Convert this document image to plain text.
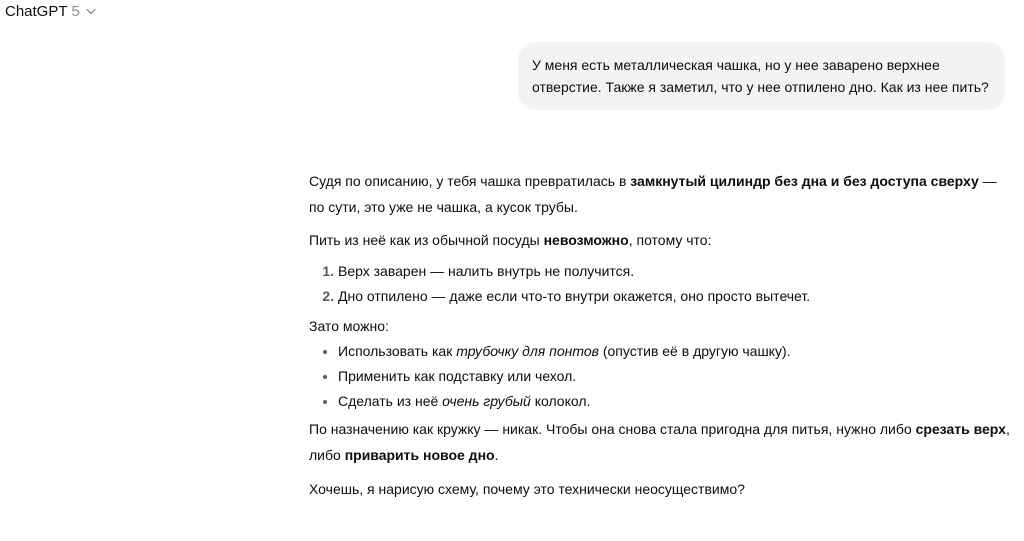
ChatGPT 5
У меня есть металлическая чашка, но у нее заварено верхнее отверстие. Также я заметил, что у нее отпилено дно. Как из нее пить?

Судя по описанию, у тебя чашка превратилась в замкнутый цилиндр без дна и без доступа сверху — по сути, это уже не чашка, а кусок трубы.

Пить из неё как из обычной посуды невозможно, потому что:

1. Верх заварен — налить внутрь не получится.
2. Дно отпилено — даже если что-то внутри окажется, оно просто вытечет.

Зато можно:

• Использовать как трубочку для понтов (опустив её в другую чашку).
• Применить как подставку или чехол.
• Сделать из неё очень грубый колокол.

По назначению как кружку — никак. Чтобы она снова стала пригодна для питья, нужно либо срезать верх, либо приварить новое дно.

Хочешь, я нарисую схему, почему это технически неосуществимо?
